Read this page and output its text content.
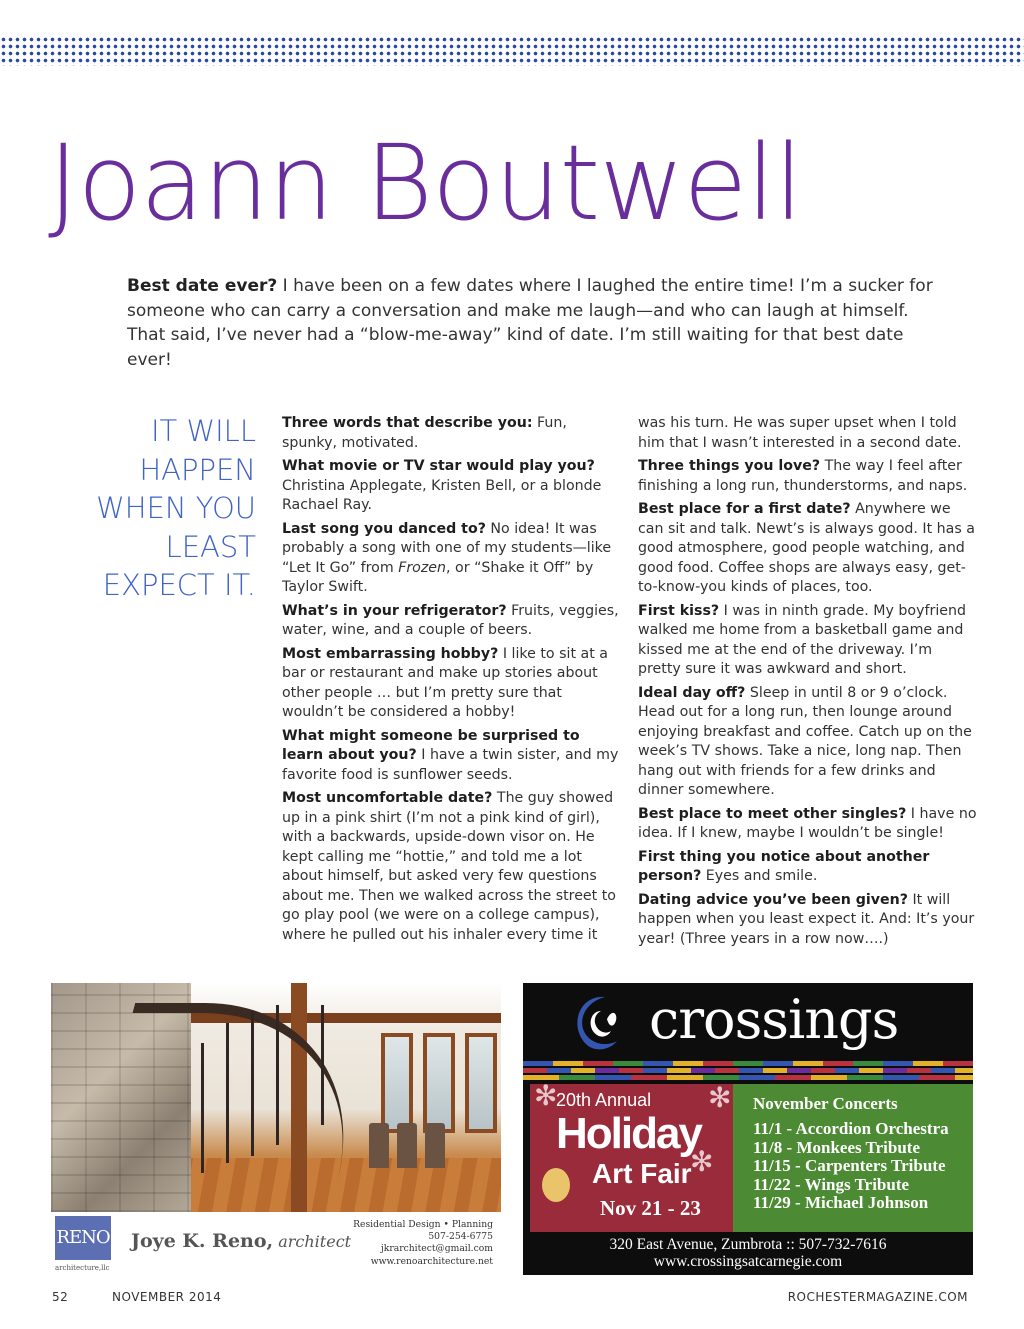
Joann Boutwell

Best date ever? I have been on a few dates where I laughed the entire time! I’m a sucker for someone who can carry a conversation and make me laugh—and who can laugh at himself. That said, I’ve never had a “blow-me-away” kind of date. I’m still waiting for that best date ever!

IT WILL
HAPPEN
WHEN YOU
LEAST
EXPECT IT.

Three words that describe you: Fun, spunky, motivated.

What movie or TV star would play you? Christina Applegate, Kristen Bell, or a blonde Rachael Ray.

Last song you danced to? No idea! It was probably a song with one of my students—like “Let It Go” from Frozen, or “Shake it Off” by Taylor Swift.

What’s in your refrigerator? Fruits, veggies, water, wine, and a couple of beers.

Most embarrassing hobby? I like to sit at a bar or restaurant and make up stories about other people … but I’m pretty sure that wouldn’t be considered a hobby!

What might someone be surprised to learn about you? I have a twin sister, and my favorite food is sunflower seeds.

Most uncomfortable date? The guy showed up in a pink shirt (I’m not a pink kind of girl), with a backwards, upside-down visor on. He kept calling me “hottie,” and told me a lot about himself, but asked very few questions about me. Then we walked across the street to go play pool (we were on a college campus), where he pulled out his inhaler every time it

was his turn. He was super upset when I told him that I wasn’t interested in a second date.

Three things you love? The way I feel after finishing a long run, thunderstorms, and naps.

Best place for a first date? Anywhere we can sit and talk. Newt’s is always good. It has a good atmosphere, good people watching, and good food. Coffee shops are always easy, get-to-know-you kinds of places, too.

First kiss? I was in ninth grade. My boyfriend walked me home from a basketball game and kissed me at the end of the driveway. I’m pretty sure it was awkward and short.

Ideal day off? Sleep in until 8 or 9 o’clock. Head out for a long run, then lounge around enjoying breakfast and coffee. Catch up on the week’s TV shows. Take a nice, long nap. Then hang out with friends for a few drinks and dinner somewhere.

Best place to meet other singles? I have no idea. If I knew, maybe I wouldn’t be single!

First thing you notice about another person? Eyes and smile.

Dating advice you’ve been given? It will happen when you least expect it. And: It’s your year! (Three years in a row now….)

RENO
architecture,llc
Joye K. Reno, architect
Residential Design • Planning
507-254-6775
jkrarchitect@gmail.com
www.renoarchitecture.net
crossings
✻	✻
✻
20th Annual
Holiday
Art Fair
Nov 21 - 23
November Concerts
11/1 - Accordion Orchestra
11/8 - Monkees Tribute
11/15 - Carpenters Tribute
11/22 - Wings Tribute
11/29 - Michael Johnson
320 East Avenue, Zumbrota :: 507-732-7616
www.crossingsatcarnegie.com
52	NOVEMBER 2014	ROCHESTERMAGAZINE.COM
